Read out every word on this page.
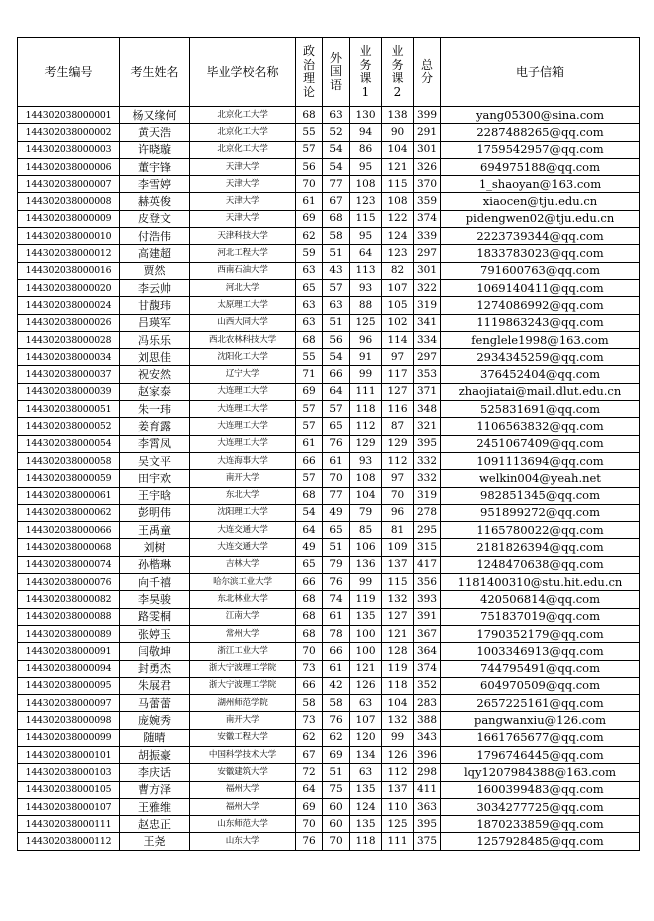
考生编号	考生姓名	毕业学校名称	政
治
理
论	外
国
语	业
务
课
1	业
务
课
2	总
分	电子信箱
144302038000001	杨又缘何	北京化工大学	68	63	130	138	399	yang05300@sina.com
144302038000002	黄天浩	北京化工大学	55	52	94	90	291	2287488265@qq.com
144302038000003	许晓璇	北京化工大学	57	54	86	104	301	1759542957@qq.com
144302038000006	董宇锋	天津大学	56	54	95	121	326	694975188@qq.com
144302038000007	李雪婷	天津大学	70	77	108	115	370	1_shaoyan@163.com
144302038000008	赫英俊	天津大学	61	67	123	108	359	xiaocen@tju.edu.cn
144302038000009	皮登文	天津大学	69	68	115	122	374	pidengwen02@tju.edu.cn
144302038000010	付浩伟	天津科技大学	62	58	95	124	339	2223739344@qq.com
144302038000012	高建超	河北工程大学	59	51	64	123	297	1833783023@qq.com
144302038000016	贾然	西南石油大学	63	43	113	82	301	791600763@qq.com
144302038000020	李云帅	河北大学	65	57	93	107	322	1069140411@qq.com
144302038000024	甘馥玮	太原理工大学	63	63	88	105	319	1274086992@qq.com
144302038000026	吕瑛军	山西大同大学	63	51	125	102	341	1119863243@qq.com
144302038000028	冯乐乐	西北农林科技大学	68	56	96	114	334	fenglele1998@163.com
144302038000034	刘思佳	沈阳化工大学	55	54	91	97	297	2934345259@qq.com
144302038000037	祝安然	辽宁大学	71	66	99	117	353	376452404@qq.com
144302038000039	赵家泰	大连理工大学	69	64	111	127	371	zhaojiatai@mail.dlut.edu.cn
144302038000051	朱一玮	大连理工大学	57	57	118	116	348	525831691@qq.com
144302038000052	姜育露	大连理工大学	57	65	112	87	321	1106563832@qq.com
144302038000054	李霄凤	大连理工大学	61	76	129	129	395	2451067409@qq.com
144302038000058	吴文平	大连海事大学	66	61	93	112	332	1091113694@qq.com
144302038000059	田宇欢	南开大学	57	70	108	97	332	welkin004@yeah.net
144302038000061	王宇晗	东北大学	68	77	104	70	319	982851345@qq.com
144302038000062	彭明伟	沈阳理工大学	54	49	79	96	278	951899272@qq.com
144302038000066	王禹童	大连交通大学	64	65	85	81	295	1165780022@qq.com
144302038000068	刘树	大连交通大学	49	51	106	109	315	2181826394@qq.com
144302038000074	孙楷琳	吉林大学	65	79	136	137	417	1248470638@qq.com
144302038000076	向千禧	哈尔滨工业大学	66	76	99	115	356	1181400310@stu.hit.edu.cn
144302038000082	李昊骏	东北林业大学	68	74	119	132	393	420506814@qq.com
144302038000088	路雯桐	江南大学	68	61	135	127	391	751837019@qq.com
144302038000089	张婷玉	常州大学	68	78	100	121	367	1790352179@qq.com
144302038000091	闫敬坤	浙江工业大学	70	66	100	128	364	1003346913@qq.com
144302038000094	封勇杰	浙大宁波理工学院	73	61	121	119	374	744795491@qq.com
144302038000095	朱展君	浙大宁波理工学院	66	42	126	118	352	604970509@qq.com
144302038000097	马蕾蕾	湖州师范学院	58	58	63	104	283	2657225161@qq.com
144302038000098	庞婉秀	南开大学	73	76	107	132	388	pangwanxiu@126.com
144302038000099	随晴	安徽工程大学	62	62	120	99	343	1661765677@qq.com
144302038000101	胡振豪	中国科学技术大学	67	69	134	126	396	1796746445@qq.com
144302038000103	李庆话	安徽建筑大学	72	51	63	112	298	lqy1207984388@163.com
144302038000105	曹方泽	福州大学	64	75	135	137	411	1600399483@qq.com
144302038000107	王雅维	福州大学	69	60	124	110	363	3034277725@qq.com
144302038000111	赵忠正	山东师范大学	70	60	135	125	395	1870233859@qq.com
144302038000112	王尧	山东大学	76	70	118	111	375	1257928485@qq.com
